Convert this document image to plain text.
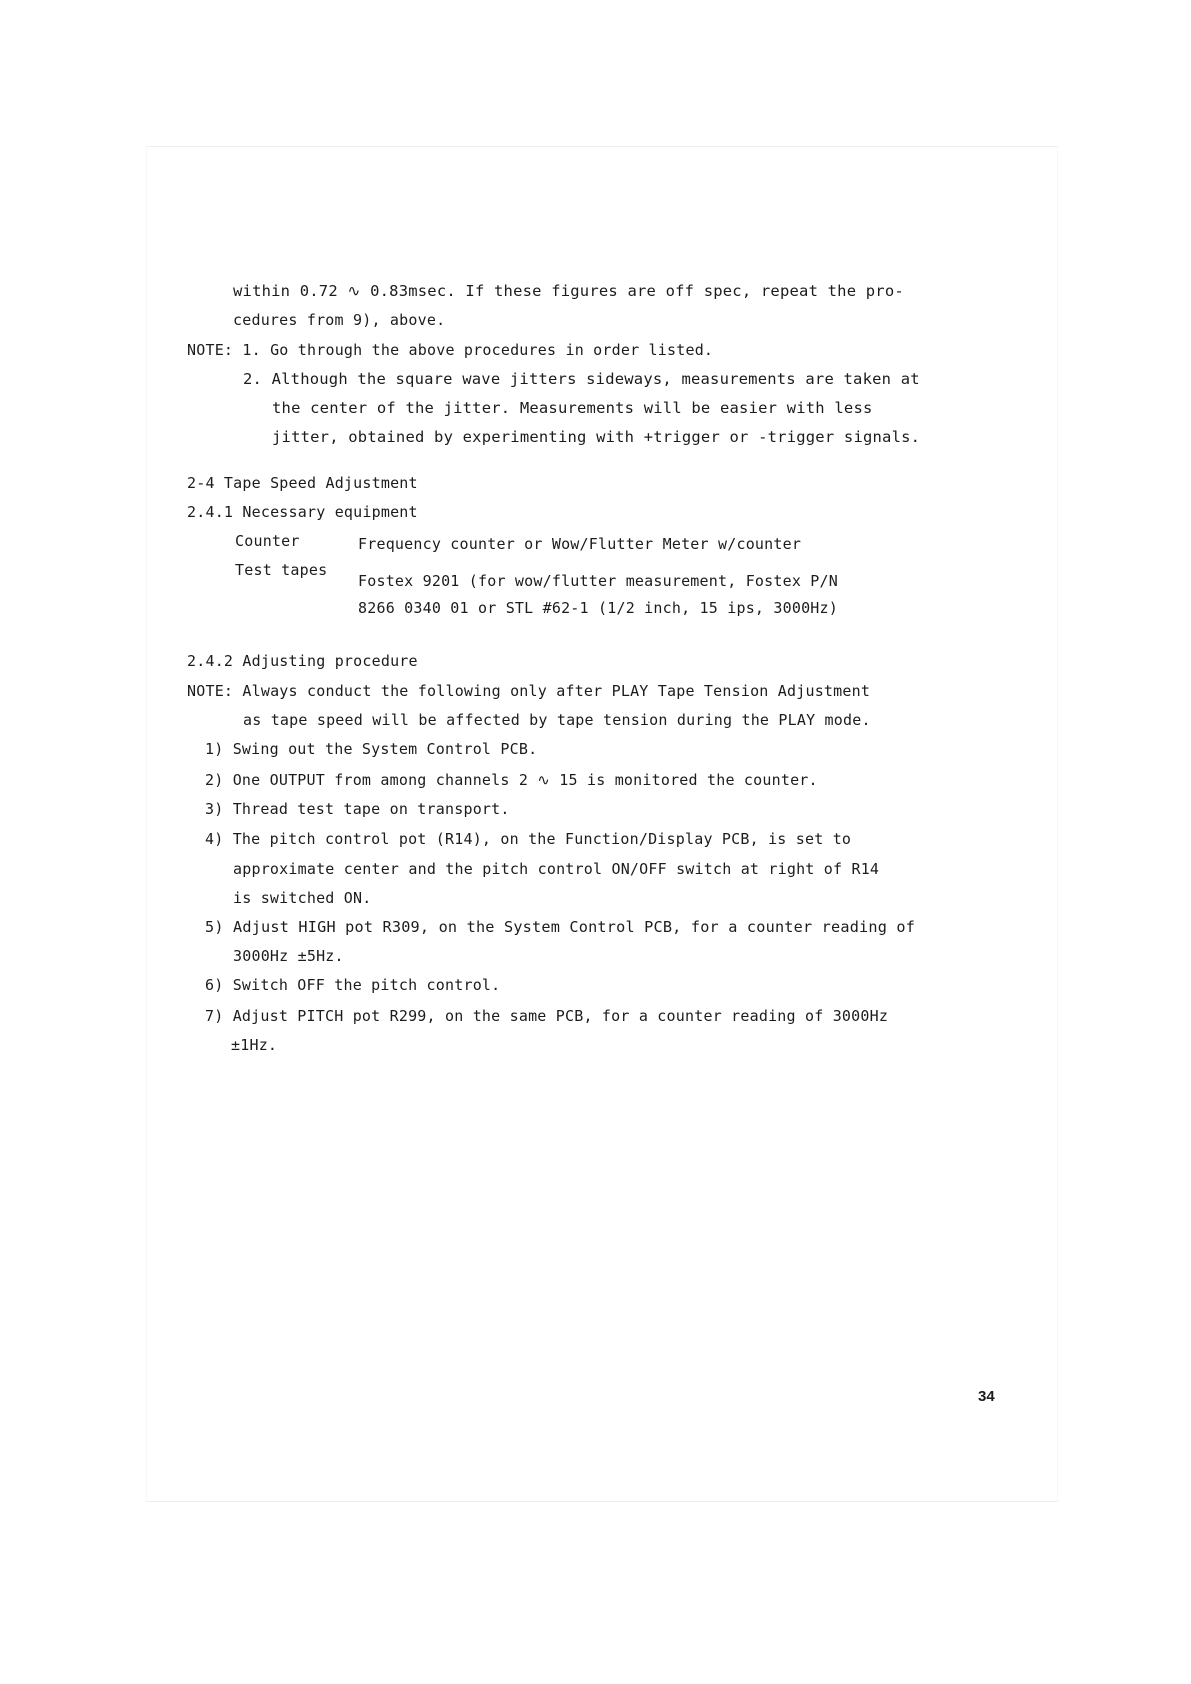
within 0.72 ∿ 0.83msec. If these figures are off spec, repeat the pro-
cedures from 9), above.
NOTE: 1. Go through the above procedures in order listed.
2. Although the square wave jitters sideways, measurements are taken at
the center of the jitter. Measurements will be easier with less
jitter, obtained by experimenting with +trigger or -trigger signals.
2-4 Tape Speed Adjustment
2.4.1 Necessary equipment
Counter	Frequency counter or Wow/Flutter Meter w/counter
Test tapes
Fostex 9201 (for wow/flutter measurement, Fostex P/N
8266 0340 01 or STL #62-1 (1/2 inch, 15 ips, 3000Hz)
2.4.2 Adjusting procedure
NOTE: Always conduct the following only after PLAY Tape Tension Adjustment
as tape speed will be affected by tape tension during the PLAY mode.
1) Swing out the System Control PCB.
2) One OUTPUT from among channels 2 ∿ 15 is monitored the counter.
3) Thread test tape on transport.
4) The pitch control pot (R14), on the Function/Display PCB, is set to
approximate center and the pitch control ON/OFF switch at right of R14
is switched ON.
5) Adjust HIGH pot R309, on the System Control PCB, for a counter reading of
3000Hz ±5Hz.
6) Switch OFF the pitch control.
7) Adjust PITCH pot R299, on the same PCB, for a counter reading of 3000Hz
±1Hz.
34
